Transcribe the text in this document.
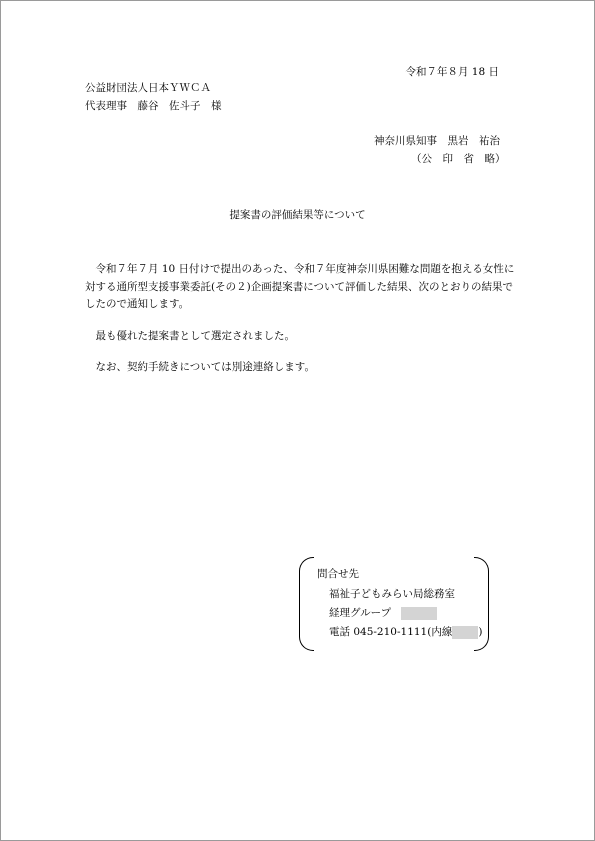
令和７年８月 18 日
公益財団法人日本ＹＷＣＡ
代表理事　藤谷　佐斗子　様
神奈川県知事　黒岩　祐治
（公　印　省　略）
提案書の評価結果等について

令和７年７月 10 日付けで提出のあった、令和７年度神奈川県困難な問題を抱える女性に対する通所型支援事業委託(その２)企画提案書について評価した結果、次のとおりの結果でしたので通知します。

最も優れた提案書として選定されました。

なお、契約手続きについては別途連絡します。

問合せ先
福祉子どもみらい局総務室
経理グループ
電話 045-210-1111(内線 )
